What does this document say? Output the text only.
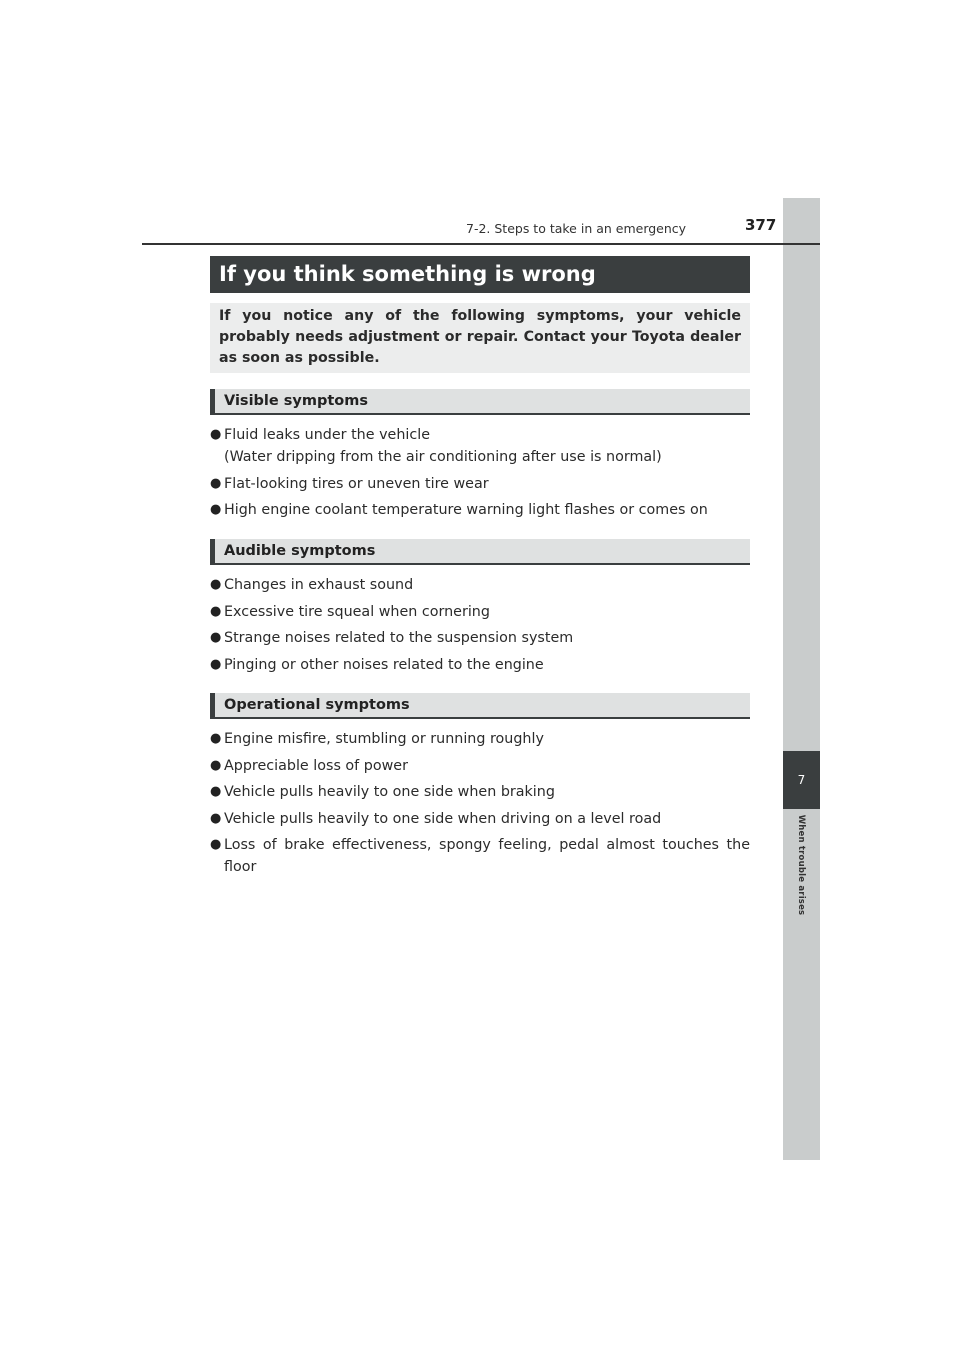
7
When trouble arises
7-2. Steps to take in an emergency	377
If you think something is wrong
If you notice any of the following symptoms, your vehicle probably needs adjustment or repair. Contact your Toyota dealer as soon as possible.
Visible symptoms
● Fluid leaks under the vehicle
(Water dripping from the air conditioning after use is normal)
● Flat-looking tires or uneven tire wear
● High engine coolant temperature warning light flashes or comes on
Audible symptoms
● Changes in exhaust sound
● Excessive tire squeal when cornering
● Strange noises related to the suspension system
● Pinging or other noises related to the engine
Operational symptoms
● Engine misfire, stumbling or running roughly
● Appreciable loss of power
● Vehicle pulls heavily to one side when braking
● Vehicle pulls heavily to one side when driving on a level road
● Loss of brake effectiveness, spongy feeling, pedal almost touches the floor
